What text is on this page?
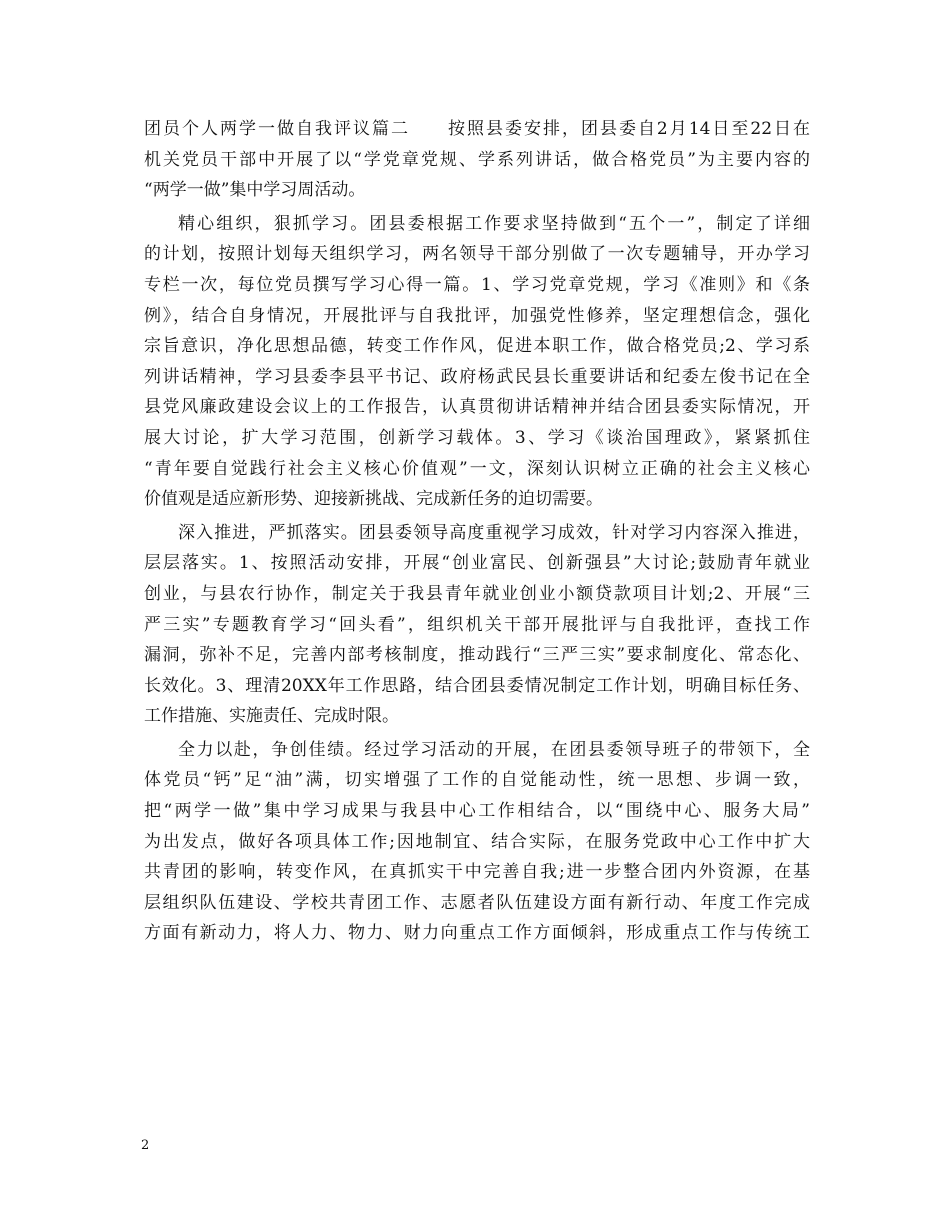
团员个人两学一做自我评议篇二　　按照县委安排，团县委自2月14日至22日在
机关党员干部中开展了以“学党章党规、学系列讲话，做合格党员”为主要内容的
“两学一做”集中学习周活动。
精心组织，狠抓学习。团县委根据工作要求坚持做到“五个一”，制定了详细
的计划，按照计划每天组织学习，两名领导干部分别做了一次专题辅导，开办学习
专栏一次，每位党员撰写学习心得一篇。1、学习党章党规，学习《准则》和《条
例》，结合自身情况，开展批评与自我批评，加强党性修养，坚定理想信念，强化
宗旨意识，净化思想品德，转变工作作风，促进本职工作，做合格党员;2、学习系
列讲话精神，学习县委李县平书记、政府杨武民县长重要讲话和纪委左俊书记在全
县党风廉政建设会议上的工作报告，认真贯彻讲话精神并结合团县委实际情况，开
展大讨论，扩大学习范围，创新学习载体。3、学习《谈治国理政》，紧紧抓住
“青年要自觉践行社会主义核心价值观”一文，深刻认识树立正确的社会主义核心
价值观是适应新形势、迎接新挑战、完成新任务的迫切需要。
深入推进，严抓落实。团县委领导高度重视学习成效，针对学习内容深入推进，
层层落实。1、按照活动安排，开展“创业富民、创新强县”大讨论;鼓励青年就业
创业，与县农行协作，制定关于我县青年就业创业小额贷款项目计划;2、开展“三
严三实”专题教育学习“回头看”，组织机关干部开展批评与自我批评，查找工作
漏洞，弥补不足，完善内部考核制度，推动践行“三严三实”要求制度化、常态化、
长效化。3、理清20XX年工作思路，结合团县委情况制定工作计划，明确目标任务、
工作措施、实施责任、完成时限。
全力以赴，争创佳绩。经过学习活动的开展，在团县委领导班子的带领下，全
体党员“钙”足“油”满，切实增强了工作的自觉能动性，统一思想、步调一致，
把“两学一做”集中学习成果与我县中心工作相结合，以“围绕中心、服务大局”
为出发点，做好各项具体工作;因地制宜、结合实际，在服务党政中心工作中扩大
共青团的影响，转变作风，在真抓实干中完善自我;进一步整合团内外资源，在基
层组织队伍建设、学校共青团工作、志愿者队伍建设方面有新行动、年度工作完成
方面有新动力，将人力、物力、财力向重点工作方面倾斜，形成重点工作与传统工
2
